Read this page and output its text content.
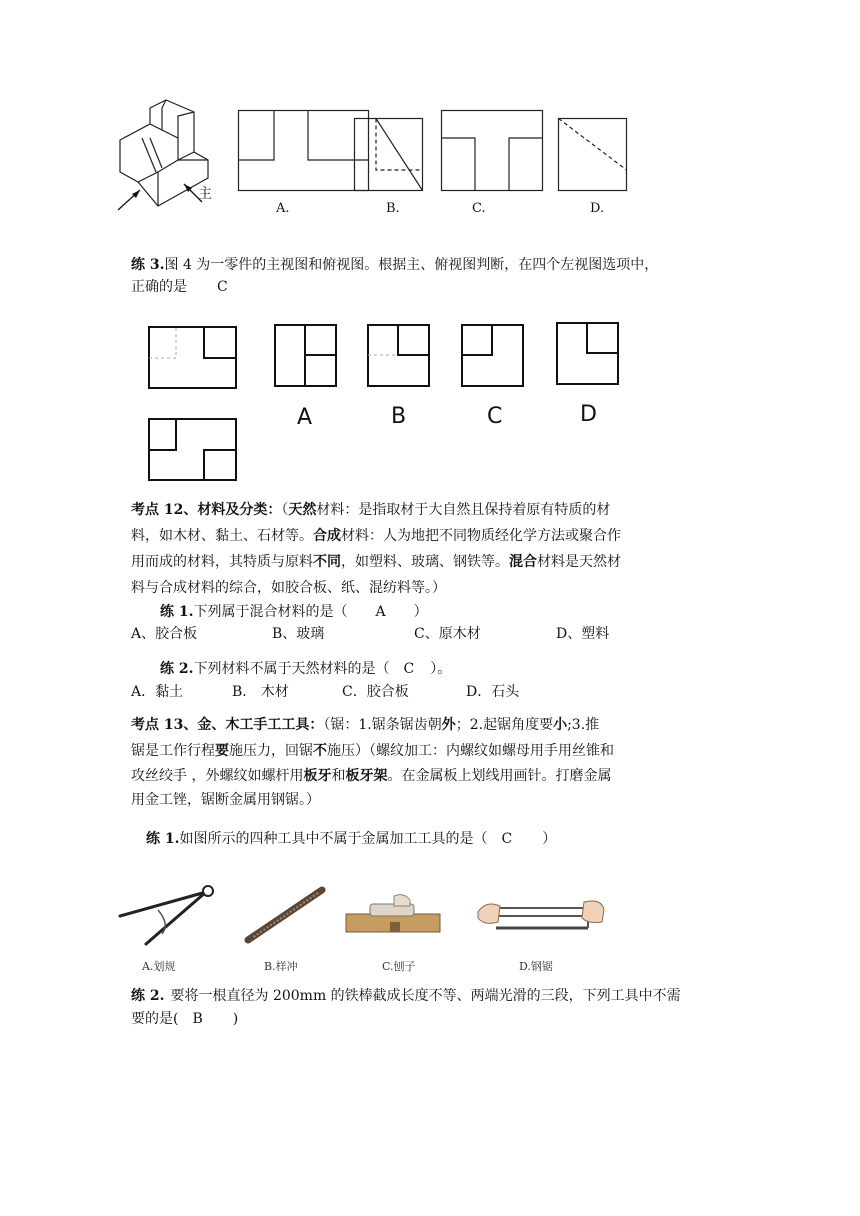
主
A.	B.	C.	D.
练 3.图 4 为一零件的主视图和俯视图。根据主、俯视图判断，在四个左视图选项中，
正确的是 C
A	B	C	D
考点 12、材料及分类：（天然材料：是指取材于大自然且保持着原有特质的材
料，如木材、黏土、石材等。合成材料：人为地把不同物质经化学方法或聚合作
用而成的材料，其特质与原料不同，如塑料、玻璃、钢铁等。混合材料是天然材
料与合成材料的综合，如胶合板、纸、混纺料等。）
练 1.下列属于混合材料的是（ A ）
A、胶合板	B、玻璃	C、原木材	D、塑料
练 2.下列材料不属于天然材料的是（ C ）。
A．黏土	B． 木材	C．胶合板	D．石头
考点 13、金、木工手工工具：（锯：1.锯条锯齿朝外；2.起锯角度要小;3.推
锯是工作行程要施压力，回锯不施压）（螺纹加工：内螺纹如螺母用手用丝锥和
攻丝绞手 ，外螺纹如螺杆用板牙和板牙架。在金属板上划线用画针。打磨金属
用金工锉，锯断金属用钢锯。）
练 1.如图所示的四种工具中不属于金属加工工具的是（ C ）
A.划规	B.样冲	C.刨子	D.钢锯
练 2. 要将一根直径为 200mm 的铁棒截成长度不等、两端光滑的三段，下列工具中不需
要的是( B )
